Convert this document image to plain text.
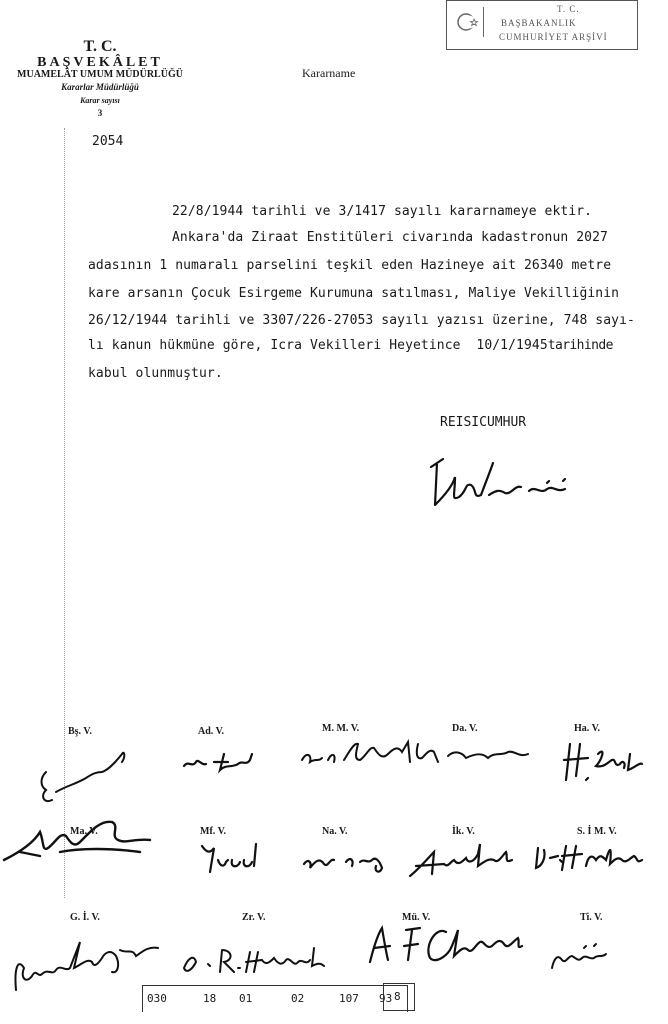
T. C.
BAŞBAKANLIK
CUMHURİYET ARŞİVİ
T. C.
BAŞVEKÂLET
MUAMELÂT UMUM MÜDÜRLÜĞÜ
Kararlar Müdürlüğü
Karar sayısı
3
Kararname
2054
22/8/1944 tarihli ve 3/1417 sayılı kararnameye ektir.
Ankara'da Ziraat Enstitüleri civarında kadastronun 2027
adasının 1 numaralı parselini teşkil eden Hazineye ait 26340 metre
kare arsanın Çocuk Esirgeme Kurumuna satılması, Maliye Vekilliğinin
26/12/1944 tarihli ve 3307/226-27053 sayılı yazısı üzerine, 748 sayı-
lı kanun hükmüne göre, Icra Vekilleri Heyetince  10/1/1945tarihinde
kabul olunmuştur.
REISICUMHUR
Bş. V.	Ad. V.	M. M. V.	Da. V.	Ha. V.
Ma. V.	Mf. V.	Na. V.	İk. V.	S. İ M. V.
G. İ. V.	Zr. V.	Mü. V.	Ti. V.
030	18 01	02	107 93 8
